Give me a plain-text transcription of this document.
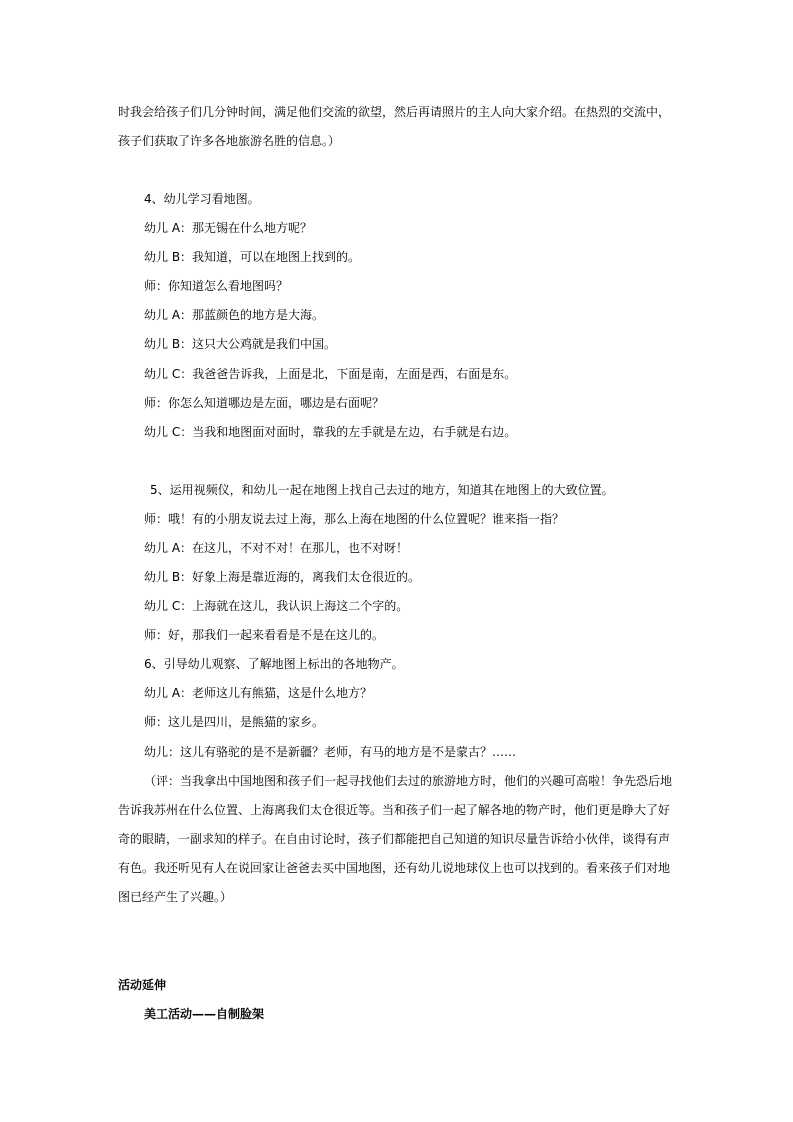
时我会给孩子们几分钟时间，满足他们交流的欲望，然后再请照片的主人向大家介绍。在热烈的交流中，
孩子们获取了许多各地旅游名胜的信息。）
4、幼儿学习看地图。
幼儿 A：那无锡在什么地方呢？
幼儿 B：我知道，可以在地图上找到的。
师：你知道怎么看地图吗？
幼儿 A：那蓝颜色的地方是大海。
幼儿 B：这只大公鸡就是我们中国。
幼儿 C：我爸爸告诉我，上面是北，下面是南，左面是西，右面是东。
师：你怎么知道哪边是左面，哪边是右面呢？
幼儿 C：当我和地图面对面时，靠我的左手就是左边，右手就是右边。
5、运用视频仪，和幼儿一起在地图上找自己去过的地方，知道其在地图上的大致位置。
师：哦！有的小朋友说去过上海，那么上海在地图的什么位置呢？谁来指一指？
幼儿 A：在这儿，不对不对！在那儿，也不对呀！
幼儿 B：好象上海是靠近海的，离我们太仓很近的。
幼儿 C：上海就在这儿，我认识上海这二个字的。
师：好，那我们一起来看看是不是在这儿的。
6、引导幼儿观察、了解地图上标出的各地物产。
幼儿 A：老师这儿有熊猫，这是什么地方？
师：这儿是四川，是熊猫的家乡。
幼儿：这儿有骆驼的是不是新疆？老师，有马的地方是不是蒙古？……
（评：当我拿出中国地图和孩子们一起寻找他们去过的旅游地方时，他们的兴趣可高啦！争先恐后地
告诉我苏州在什么位置、上海离我们太仓很近等。当和孩子们一起了解各地的物产时，他们更是睁大了好
奇的眼睛，一副求知的样子。在自由讨论时，孩子们都能把自己知道的知识尽量告诉给小伙伴，谈得有声
有色。我还听见有人在说回家让爸爸去买中国地图，还有幼儿说地球仪上也可以找到的。看来孩子们对地
图已经产生了兴趣。）
活动延伸
美工活动——自制脸架
